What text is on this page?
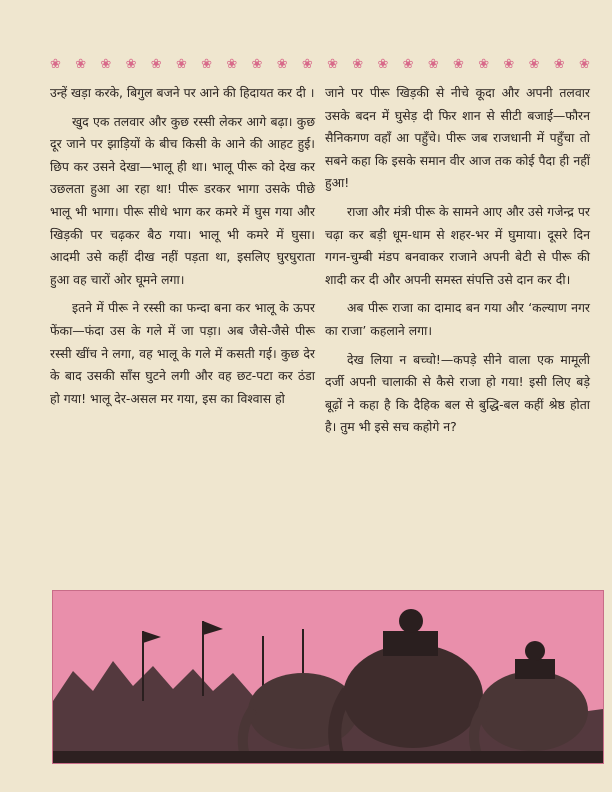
❀ ❀ ❀ ❀ ❀ ❀ ❀ ❀ ❀ ❀ ❀ ❀ ❀ ❀ ❀ ❀ ❀ ❀ ❀ ❀ ❀ ❀

उन्हें खड़ा करके, बिगुल बजने पर आने की हिदायत कर दी ।

खुद एक तलवार और कुछ रस्सी लेकर आगे बढ़ा। कुछ दूर जाने पर झाड़ियों के बीच किसी के आने की आहट हुई। छिप कर उसने देखा—भालू ही था। भालू पीरू को देख कर उछलता हुआ आ रहा था! पीरू डरकर भागा उसके पीछे भालू भी भागा। पीरू सीधे भाग कर कमरे में घुस गया और खिड़की पर चढ़कर बैठ गया। भालू भी कमरे में घुसा। आदमी उसे कहीं दीख नहीं पड़ता था, इसलिए घुरघुराता हुआ वह चारों ओर घूमने लगा।

इतने में पीरू ने रस्सी का फन्दा बना कर भालू के ऊपर फेंका—फंदा उस के गले में जा पड़ा। अब जैसे-जैसे पीरू रस्सी खींच ने लगा, वह भालू के गले में कसती गई। कुछ देर के बाद उसकी साँस घुटने लगी और वह छट-पटा कर ठंडा हो गया! भालू देर-असल मर गया, इस का विश्वास हो

जाने पर पीरू खिड़की से नीचे कूदा और अपनी तलवार उसके बदन में घुसेड़ दी फिर शान से सीटी बजाई—फौरन सैनिकगण वहाँ आ पहुँचे। पीरू जब राजधानी में पहुँचा तो सबने कहा कि इसके समान वीर आज तक कोई पैदा ही नहीं हुआ!

राजा और मंत्री पीरू के सामने आए और उसे गजेन्द्र पर चढ़ा कर बड़ी धूम-धाम से शहर-भर में घुमाया। दूसरे दिन गगन-चुम्बी मंडप बनवाकर राजाने अपनी बेटी से पीरू की शादी कर दी और अपनी समस्त संपत्ति उसे दान कर दी।

अब पीरू राजा का दामाद बन गया और ‘कल्याण नगर का राजा’ कहलाने लगा।

देख लिया न बच्चो!—कपड़े सीने वाला एक मामूली दर्जी अपनी चालाकी से कैसे राजा हो गया! इसी लिए बड़े बूढ़ों ने कहा है कि दैहिक बल से बुद्धि-बल कहीं श्रेष्ठ होता है। तुम भी इसे सच कहोगे न?
